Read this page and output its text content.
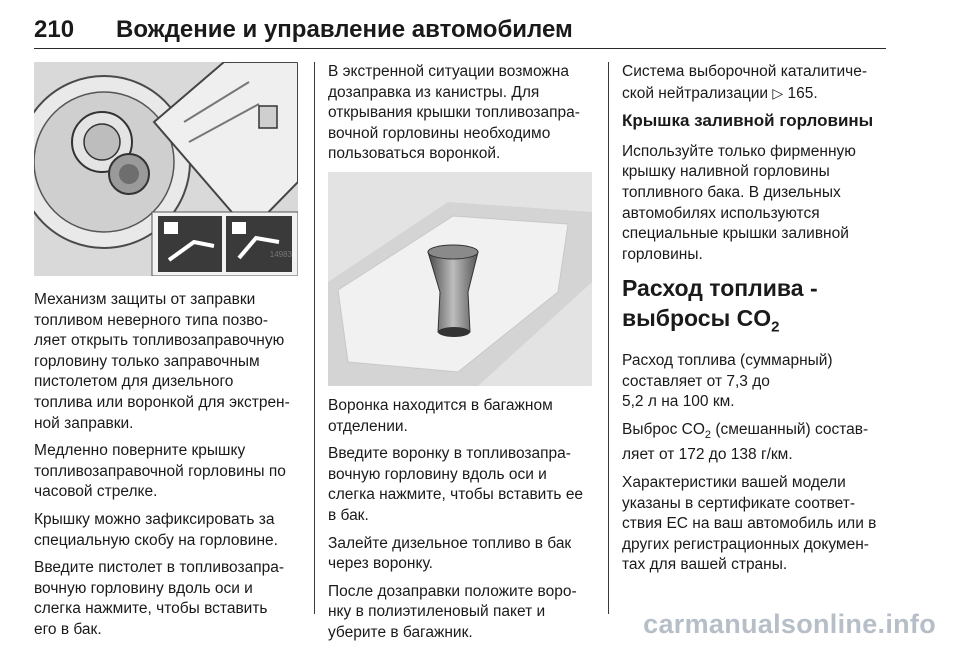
210 Вождение и управление автомобилем
14983

Механизм защиты от заправки
топливом неверного типа позво-
ляет открыть топливозаправочную
горловину только заправочным
пистолетом для дизельного
топлива или воронкой для экстрен-
ной заправки.

Медленно поверните крышку
топливозаправочной горловины по
часовой стрелке.

Крышку можно зафиксировать за
специальную скобу на горловине.

Введите пистолет в топливозапра-
вочную горловину вдоль оси и
слегка нажмите, чтобы вставить
его в бак.

В экстренной ситуации возможна
дозаправка из канистры. Для
открывания крышки топливозапра-
вочной горловины необходимо
пользоваться воронкой.

Воронка находится в багажном
отделении.

Введите воронку в топливозапра-
вочную горловину вдоль оси и
слегка нажмите, чтобы вставить ее
в бак.

Залейте дизельное топливо в бак
через воронку.

После дозаправки положите воро-
нку в полиэтиленовый пакет и
уберите в багажник.

Система выборочной каталитиче-
ской нейтрализации ▷ 165.

Крышка заливной горловины

Используйте только фирменную
крышку наливной горловины
топливного бака. В дизельных
автомобилях используются
специальные крышки заливной
горловины.

Расход топлива -
выбросы $CO_2$

Расход топлива (суммарный)
составляет от 7,3 до
5,2 л на 100 км.

Выброс $CO_2$ (смешанный) состав-
ляет от 172 до 138 г/км.

Характеристики вашей модели
указаны в сертификате соответ-
ствия ЕС на ваш автомобиль или в
других регистрационных докумен-
тах для вашей страны.

carmanualsonline.info
